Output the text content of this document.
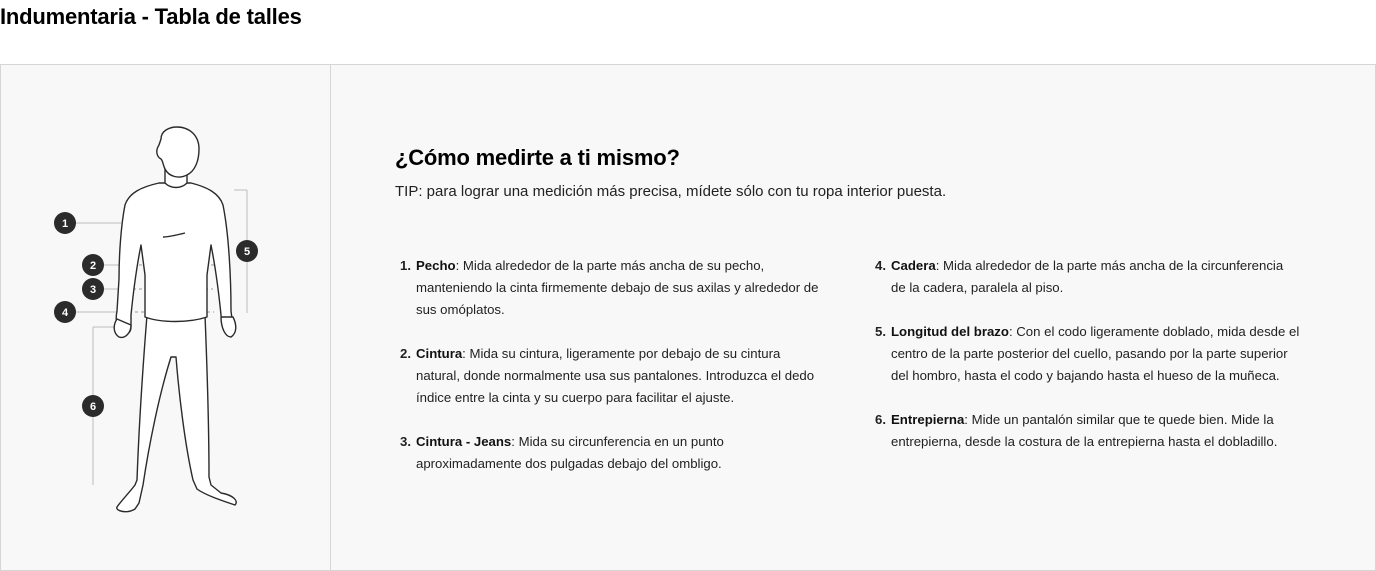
Indumentaria - Tabla de talles
1
2
3
4
5
6
¿Cómo medirte a ti mismo?

TIP: para lograr una medición más precisa, mídete sólo con tu ropa interior puesta.

1. Pecho: Mida alrededor de la parte más ancha de su pecho, manteniendo la cinta firmemente debajo de sus axilas y alrededor de sus omóplatos.
2. Cintura: Mida su cintura, ligeramente por debajo de su cintura natural, donde normalmente usa sus pantalones. Introduzca el dedo índice entre la cinta y su cuerpo para facilitar el ajuste.
3. Cintura - Jeans: Mida su circunferencia en un punto aproximadamente dos pulgadas debajo del ombligo.
4. Cadera: Mida alrededor de la parte más ancha de la circunferencia de la cadera, paralela al piso.
5. Longitud del brazo: Con el codo ligeramente doblado, mida desde el centro de la parte posterior del cuello, pasando por la parte superior del hombro, hasta el codo y bajando hasta el hueso de la muñeca.
6. Entrepierna: Mide un pantalón similar que te quede bien. Mide la entrepierna, desde la costura de la entrepierna hasta el dobladillo.
